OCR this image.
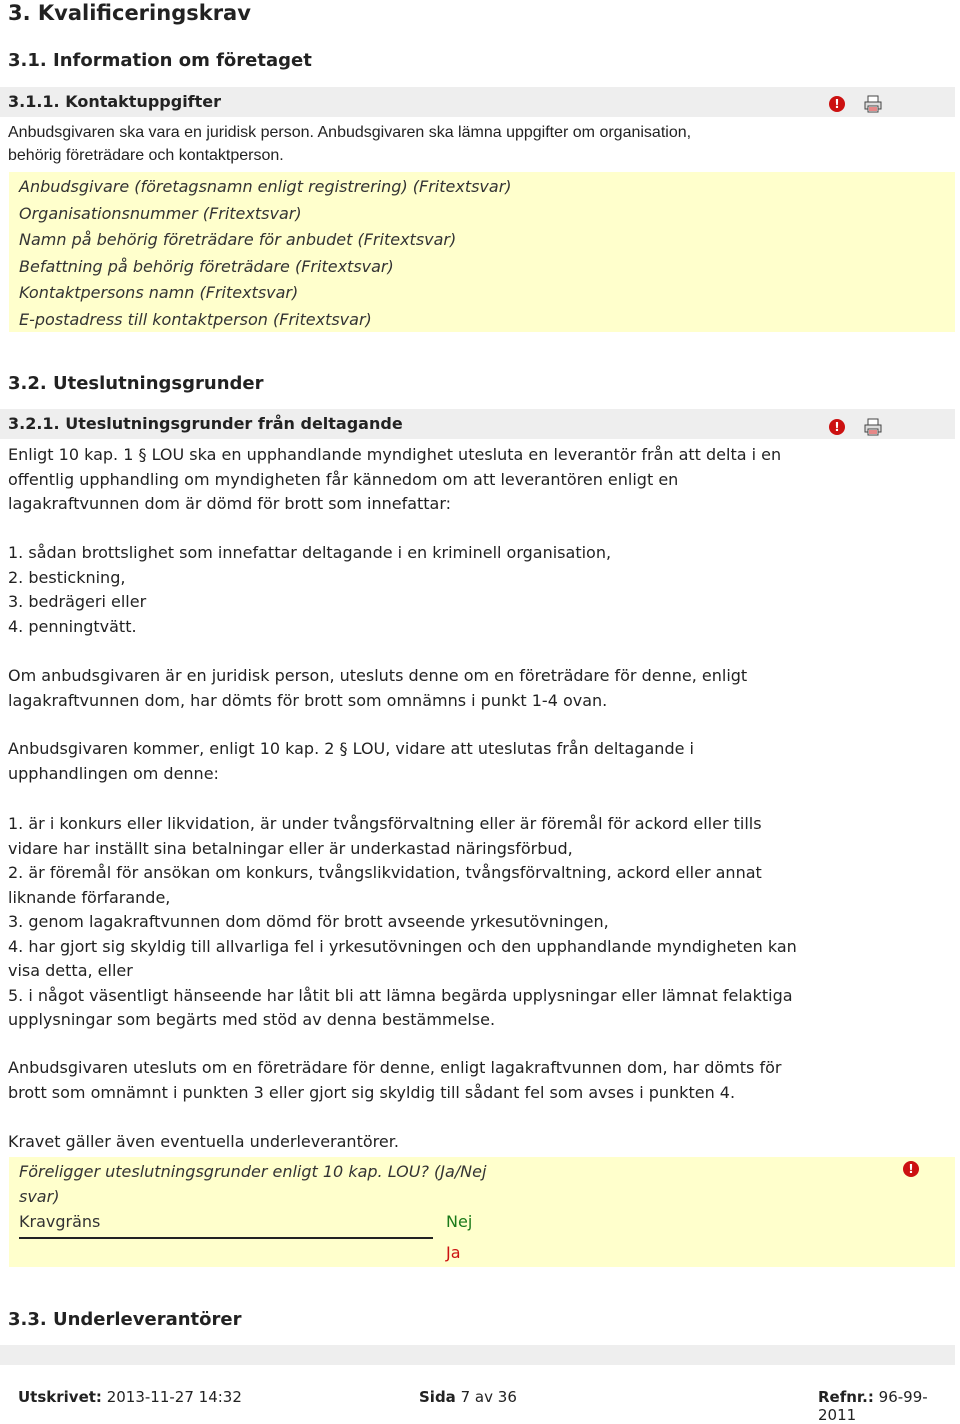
3. Kvalificeringskrav
3.1. Information om företaget
3.1.1. Kontaktuppgifter	!
Anbudsgivaren ska vara en juridisk person. Anbudsgivaren ska lämna uppgifter om organisation, behörig företrädare och kontaktperson.
Anbudsgivare (företagsnamn enligt registrering) (Fritextsvar)
Organisationsnummer (Fritextsvar)
Namn på behörig företrädare för anbudet (Fritextsvar)
Befattning på behörig företrädare (Fritextsvar)
Kontaktpersons namn (Fritextsvar)
E-postadress till kontaktperson (Fritextsvar)
3.2. Uteslutningsgrunder
3.2.1. Uteslutningsgrunder från deltagande	!
Enligt 10 kap. 1 § LOU ska en upphandlande myndighet utesluta en leverantör från att delta i en offentlig upphandling om myndigheten får kännedom om att leverantören enligt en lagakraftvunnen dom är dömd för brott som innefattar:
1. sådan brottslighet som innefattar deltagande i en kriminell organisation,
2. bestickning,
3. bedrägeri eller
4. penningtvätt.
Om anbudsgivaren är en juridisk person, utesluts denne om en företrädare för denne, enligt lagakraftvunnen dom, har dömts för brott som omnämns i punkt 1-4 ovan.
Anbudsgivaren kommer, enligt 10 kap. 2 § LOU, vidare att uteslutas från deltagande i upphandlingen om denne:
1. är i konkurs eller likvidation, är under tvångsförvaltning eller är föremål för ackord eller tills vidare har inställt sina betalningar eller är underkastad näringsförbud,
2. är föremål för ansökan om konkurs, tvångslikvidation, tvångsförvaltning, ackord eller annat liknande förfarande,
3. genom lagakraftvunnen dom dömd för brott avseende yrkesutövningen,
4. har gjort sig skyldig till allvarliga fel i yrkesutövningen och den upphandlande myndigheten kan visa detta, eller
5. i något väsentligt hänseende har låtit bli att lämna begärda upplysningar eller lämnat felaktiga upplysningar som begärts med stöd av denna bestämmelse.
Anbudsgivaren utesluts om en företrädare för denne, enligt lagakraftvunnen dom, har dömts för brott som omnämnt i punkten 3 eller gjort sig skyldig till sådant fel som avses i punkten 4.
Kravet gäller även eventuella underleverantörer.
Föreligger uteslutningsgrunder enligt 10 kap. LOU? (Ja/Nej svar)
Kravgräns	Nej
Ja
!
3.3. Underleverantörer
Utskrivet: 2013-11-27 14:32	Sida 7 av 36	Refnr.: 96-99-2011
